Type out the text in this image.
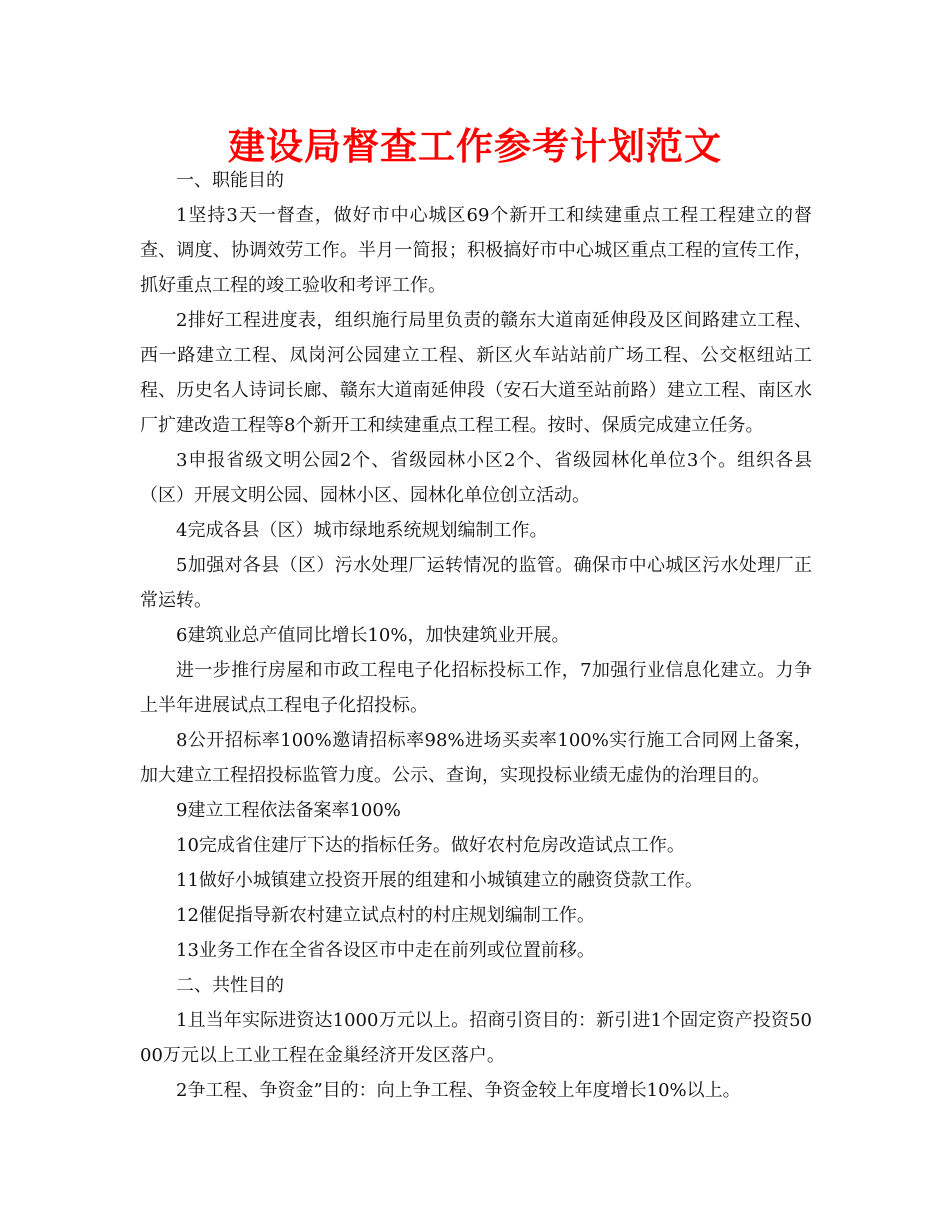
建设局督查工作参考计划范文

一、职能目的

1坚持3天一督查，做好市中心城区69个新开工和续建重点工程工程建立的督查、调度、协调效劳工作。半月一简报；积极搞好市中心城区重点工程的宣传工作，抓好重点工程的竣工验收和考评工作。

2排好工程进度表，组织施行局里负责的赣东大道南延伸段及区间路建立工程、西一路建立工程、凤岗河公园建立工程、新区火车站站前广场工程、公交枢纽站工程、历史名人诗词长廊、赣东大道南延伸段（安石大道至站前路）建立工程、南区水厂扩建改造工程等8个新开工和续建重点工程工程。按时、保质完成建立任务。

3申报省级文明公园2个、省级园林小区2个、省级园林化单位3个。组织各县（区）开展文明公园、园林小区、园林化单位创立活动。

4完成各县（区）城市绿地系统规划编制工作。

5加强对各县（区）污水处理厂运转情况的监管。确保市中心城区污水处理厂正常运转。

6建筑业总产值同比增长10%，加快建筑业开展。

进一步推行房屋和市政工程电子化招标投标工作，7加强行业信息化建立。力争上半年进展试点工程电子化招投标。

8公开招标率100%邀请招标率98%进场买卖率100%实行施工合同网上备案，加大建立工程招投标监管力度。公示、查询，实现投标业绩无虚伪的治理目的。

9建立工程依法备案率100%

10完成省住建厅下达的指标任务。做好农村危房改造试点工作。

11做好小城镇建立投资开展的组建和小城镇建立的融资贷款工作。

12催促指导新农村建立试点村的村庄规划编制工作。

13业务工作在全省各设区市中走在前列或位置前移。

二、共性目的

1且当年实际进资达1000万元以上。招商引资目的：新引进1个固定资产投资5000万元以上工业工程在金巢经济开发区落户。

2争工程、争资金”目的：向上争工程、争资金较上年度增长10%以上。
